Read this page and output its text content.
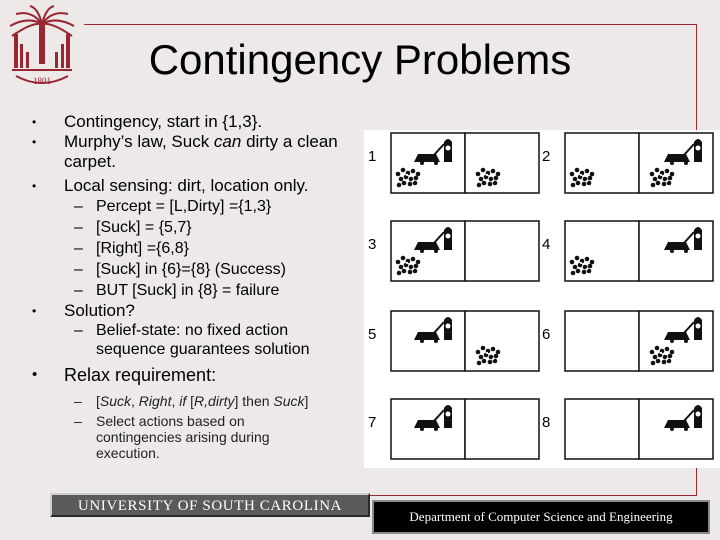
1801	Contingency Problems
• Contingency, start in {1,3}.
• Murphy’s law, Suck can dirty a clean carpet.
• Local sensing: dirt, location only.
– Percept = [L,Dirty] ={1,3}
– [Suck] = {5,7}
– [Right] ={6,8}
– [Suck] in {6}={8} (Success)
– BUT [Suck] in {8} = failure
• Solution?
– Belief-state: no fixed action sequence guarantees solution
• Relax requirement:
– [Suck, Right, if [R,dirty] then Suck]
– Select actions based on contingencies arising during execution.
1	2
3	4
5	6
7	8
UNIVERSITY OF SOUTH CAROLINA
Department of Computer Science and Engineering
